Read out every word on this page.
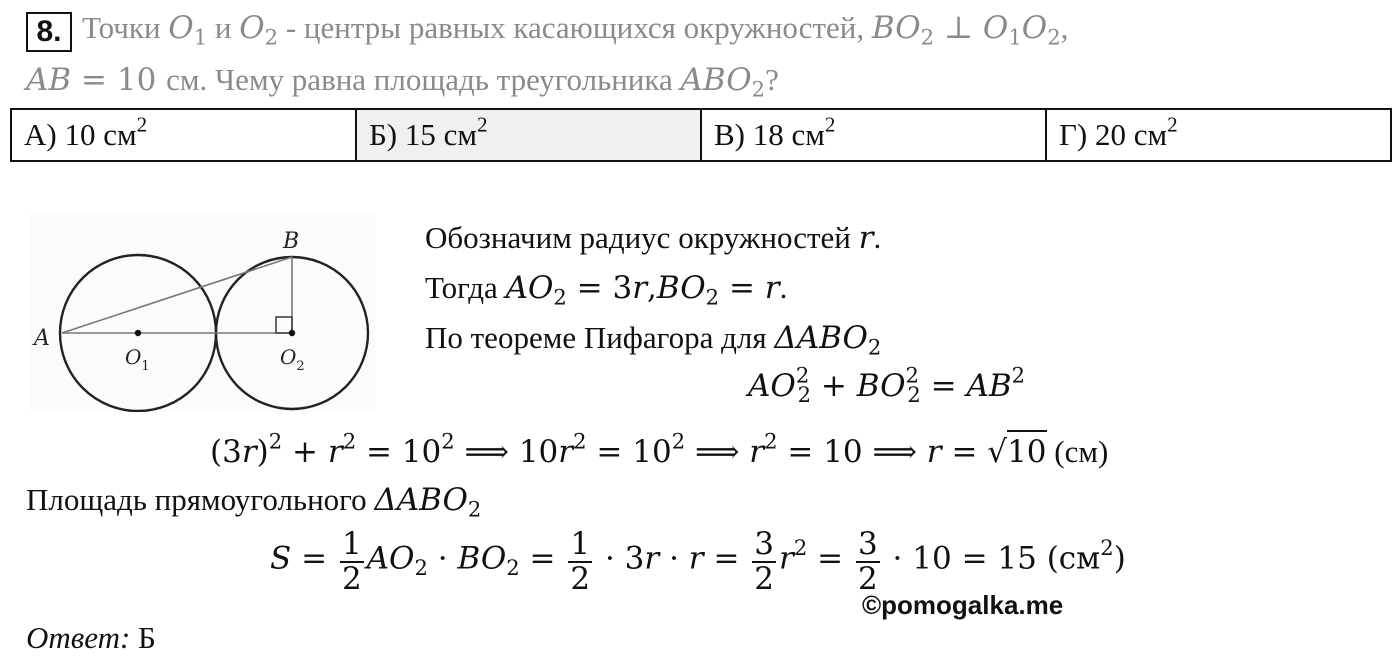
8. Точки $O_1$ и $O_2$ - центры равных касающихся окружностей, $BO_2$ ⊥ $O_1O_2$,
AB = 10 см. Чему равна площадь треугольника $ABO_2$?
А) 10 $см^2$	Б) 15 $см^2$	В) 18 $см^2$	Г) 20 $см^2$
A
B
$O_1$	$O_2$
Обозначим радиус окружностей r.
Тогда $AO_2 = 3r,BO_2 = r$.
По теореме Пифагора для $\Delta ABO_2$
$AO^2_2 + BO^2_2 = AB^2$
$(3r)^2 + r^2 = 10^2$ ⟹ $10r^2 = 10^2$ ⟹ $r^2 = 10$ ⟹ r = √10 (см)
Площадь прямоугольного $\Delta ABO_2$
$S = \frac{1}{2} AO_2 \cdot BO_2 = \frac{1}{2} \cdot 3r \cdot r = \frac{3}{2} r^2 = \frac{3}{2} \cdot 10 = 15$ $(см^2)$
©pomogalka.me
Ответ: Б
